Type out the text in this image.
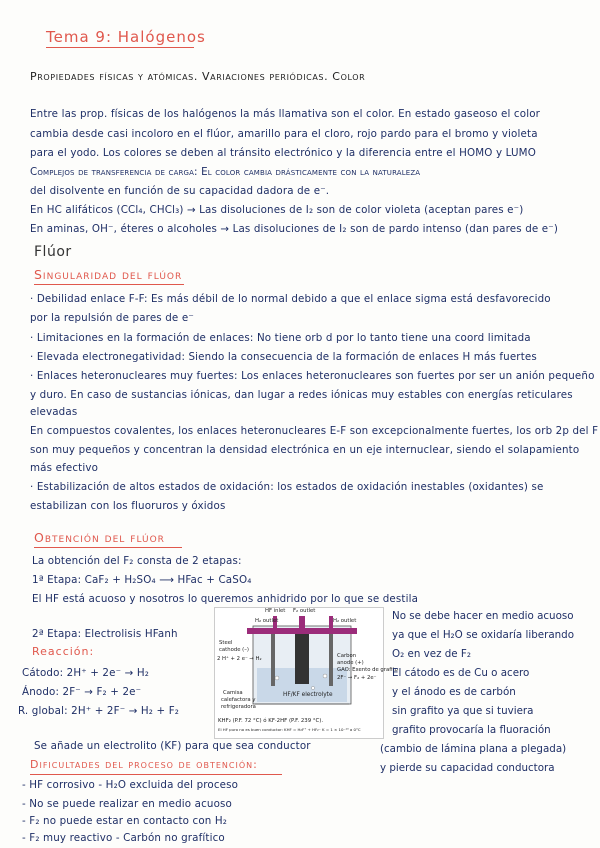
Tema 9: Halógenos
Propiedades físicas y atómicas. Variaciones periódicas. Color
Entre las prop. físicas de los halógenos la más llamativa son el color. En estado gaseoso el color
cambia desde casi incoloro en el flúor, amarillo para el cloro, rojo pardo para el bromo y violeta
para el yodo. Los colores se deben al tránsito electrónico y la diferencia entre el HOMO y LUMO
Complejos de transferencia de carga: El color cambia drásticamente con la naturaleza
del disolvente en función de su capacidad dadora de e⁻.
En HC alifáticos (CCl₄, CHCl₃) → Las disoluciones de I₂ son de color violeta (aceptan pares e⁻)
En aminas, OH⁻, éteres o alcoholes → Las disoluciones de I₂ son de pardo intenso (dan pares de e⁻)
Flúor
Singularidad del flúor
· Debilidad enlace F-F: Es más débil de lo normal debido a que el enlace sigma está desfavorecido
por la repulsión de pares de e⁻
· Limitaciones en la formación de enlaces: No tiene orb d por lo tanto tiene una coord limitada
· Elevada electronegatividad: Siendo la consecuencia de la formación de enlaces H más fuertes
· Enlaces heteronucleares muy fuertes: Los enlaces heteronucleares son fuertes por ser un anión pequeño
y duro. En caso de sustancias iónicas, dan lugar a redes iónicas muy estables con energías reticulares
elevadas
En compuestos covalentes, los enlaces heteronucleares E-F son excepcionalmente fuertes, los orb 2p del F
son muy pequeños y concentran la densidad electrónica en un eje internuclear, siendo el solapamiento
más efectivo
· Estabilización de altos estados de oxidación: los estados de oxidación inestables (oxidantes) se
estabilizan con los fluoruros y óxidos
Obtención del flúor
La obtención del F₂ consta de 2 etapas:
1ª Etapa: CaF₂ + H₂SO₄ ⟶ HFac + CaSO₄
El HF está acuoso y nosotros lo queremos anhidrido por lo que se destila
2ª Etapa: Electrolisis HFanh
Reacción:
Cátodo: 2H⁺ + 2e⁻ → H₂
Ánodo: 2F⁻ → F₂ + 2e⁻
R. global: 2H⁺ + 2F⁻ → H₂ + F₂
HF inlet F₂ outlet
H₂ outlet	H₂ outlet
Steel
cathode (–)
2 H⁺ + 2 e⁻ → H₂	Carbon
anode (+)
GAO: Exento de grafito
2F⁻ → F₂ + 2e⁻
HF/KF electrolyte
Camisa
calefactora y
refrigeradora
KHF₂ (P.F. 72 °C) ó KF·2HF (P.F. 239 °C).
El HF puro no es buen conductor: KHF = H₂F⁺ + HF₂⁻ K = 1 × 10⁻¹⁰ a 0°C
No se debe hacer en medio acuoso
ya que el H₂O se oxidaría liberando
O₂ en vez de F₂
El cátodo es de Cu o acero
y el ánodo es de carbón
sin grafito ya que si tuviera
grafito provocaría la fluoración
(cambio de lámina plana a plegada)
y pierde su capacidad conductora
Se añade un electrolito (KF) para que sea conductor
Dificultades del proceso de obtención:
- HF corrosivo - H₂O excluida del proceso
- No se puede realizar en medio acuoso
- F₂ no puede estar en contacto con H₂
- F₂ muy reactivo - Carbón no grafítico
